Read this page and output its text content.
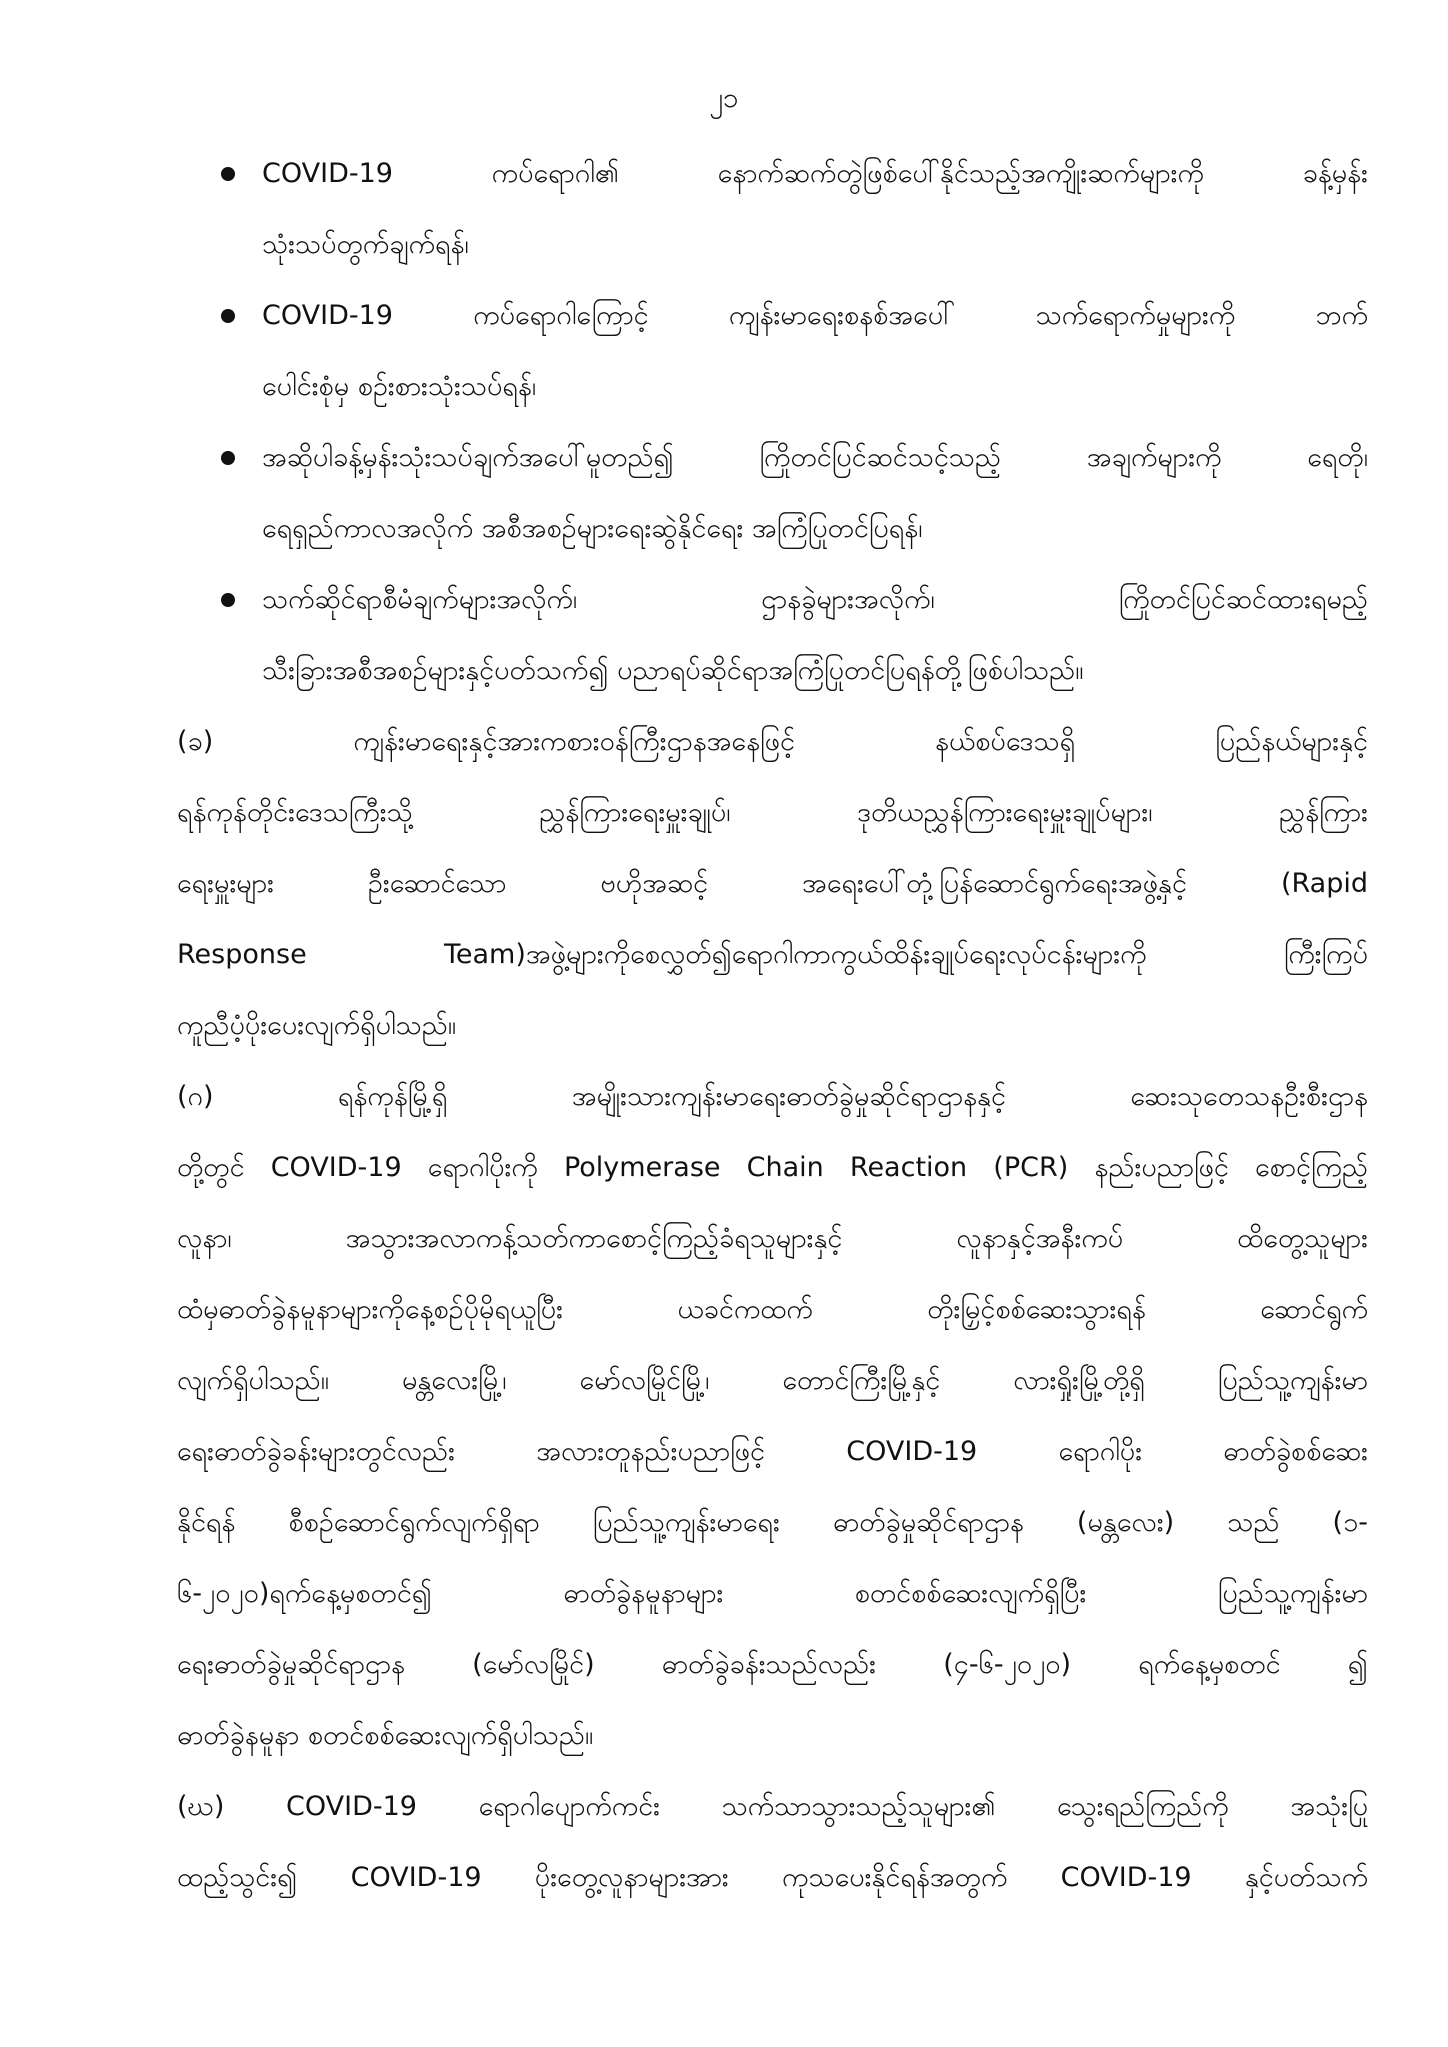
၂၁
COVID-19 ကပ်ရောဂါ၏ နောက်ဆက်တွဲဖြစ်ပေါ်နိုင်သည့်အကျိုးဆက်များကို ခန့်မှန်း
သုံးသပ်တွက်ချက်ရန်၊
COVID-19 ကပ်ရောဂါကြောင့် ကျန်းမာရေးစနစ်အပေါ် သက်ရောက်မှုများကို ဘက်
ပေါင်းစုံမှ စဉ်းစားသုံးသပ်ရန်၊
အဆိုပါခန့်မှန်းသုံးသပ်ချက်အပေါ်မူတည်၍ ကြိုတင်ပြင်ဆင်သင့်သည့် အချက်များကို ရေတို၊
ရေရှည်ကာလအလိုက် အစီအစဉ်များရေးဆွဲနိုင်ရေး အကြံပြုတင်ပြရန်၊
သက်ဆိုင်ရာစီမံချက်များအလိုက်၊ ဌာနခွဲများအလိုက်၊ ကြိုတင်ပြင်ဆင်ထားရမည့်
သီးခြားအစီအစဉ်များနှင့်ပတ်သက်၍ ပညာရပ်ဆိုင်ရာအကြံပြုတင်ပြရန်တို့ဖြစ်ပါသည်။
(ခ) ကျန်းမာရေးနှင့်အားကစားဝန်ကြီးဌာနအနေဖြင့် နယ်စပ်ဒေသရှိ ပြည်နယ်များနှင့်
ရန်ကုန်တိုင်းဒေသကြီးသို့ ညွှန်ကြားရေးမှူးချုပ်၊ ဒုတိယညွှန်ကြားရေးမှူးချုပ်များ၊ ညွှန်ကြား
ရေးမှူးများ ဦးဆောင်သော ဗဟိုအဆင့် အရေးပေါ်တုံ့ပြန်ဆောင်ရွက်ရေးအဖွဲ့နှင့် (Rapid
Response Team)အဖွဲ့များကိုစေလွှတ်၍ရောဂါကာကွယ်ထိန်းချုပ်ရေးလုပ်ငန်းများကို ကြီးကြပ်
ကူညီပံ့ပိုးပေးလျက်ရှိပါသည်။
(ဂ) ရန်ကုန်မြို့ရှိ အမျိုးသားကျန်းမာရေးဓာတ်ခွဲမှုဆိုင်ရာဌာနနှင့် ဆေးသုတေသနဦးစီးဌာန
တို့တွင် COVID-19 ရောဂါပိုးကို Polymerase Chain Reaction (PCR) နည်းပညာဖြင့် စောင့်ကြည့်
လူနာ၊ အသွားအလာကန့်သတ်ကာစောင့်ကြည့်ခံရသူများနှင့် လူနာနှင့်အနီးကပ် ထိတွေ့သူများ
ထံမှဓာတ်ခွဲနမူနာများကိုနေ့စဉ်ပိုမိုရယူပြီး ယခင်ကထက် တိုးမြှင့်စစ်ဆေးသွားရန် ဆောင်ရွက်
လျက်ရှိပါသည်။ မန္တလေးမြို့၊ မော်လမြိုင်မြို့၊ တောင်ကြီးမြို့နှင့် လားရှိုးမြို့တို့ရှိ ပြည်သူ့ကျန်းမာ
ရေးဓာတ်ခွဲခန်းများတွင်လည်း အလားတူနည်းပညာဖြင့် COVID-19 ရောဂါပိုး ဓာတ်ခွဲစစ်ဆေး
နိုင်ရန် စီစဉ်ဆောင်ရွက်လျက်ရှိရာ ပြည်သူ့ကျန်းမာရေး ဓာတ်ခွဲမှုဆိုင်ရာဌာန (မန္တလေး) သည် (၁-
၆-၂၀၂၀)ရက်နေ့မှစတင်၍ ဓာတ်ခွဲနမူနာများ စတင်စစ်ဆေးလျက်ရှိပြီး ပြည်သူ့ကျန်းမာ
ရေးဓာတ်ခွဲမှုဆိုင်ရာဌာန (မော်လမြိုင်) ဓာတ်ခွဲခန်းသည်လည်း (၄-၆-၂၀၂၀) ရက်နေ့မှစတင် ၍
ဓာတ်ခွဲနမူနာ စတင်စစ်ဆေးလျက်ရှိပါသည်။
(ဃ) COVID-19 ရောဂါပျောက်ကင်း သက်သာသွားသည့်သူများ၏ သွေးရည်ကြည်ကို အသုံးပြု
ထည့်သွင်း၍ COVID-19 ပိုးတွေ့လူနာများအား ကုသပေးနိုင်ရန်အတွက် COVID-19 နှင့်ပတ်သက်
